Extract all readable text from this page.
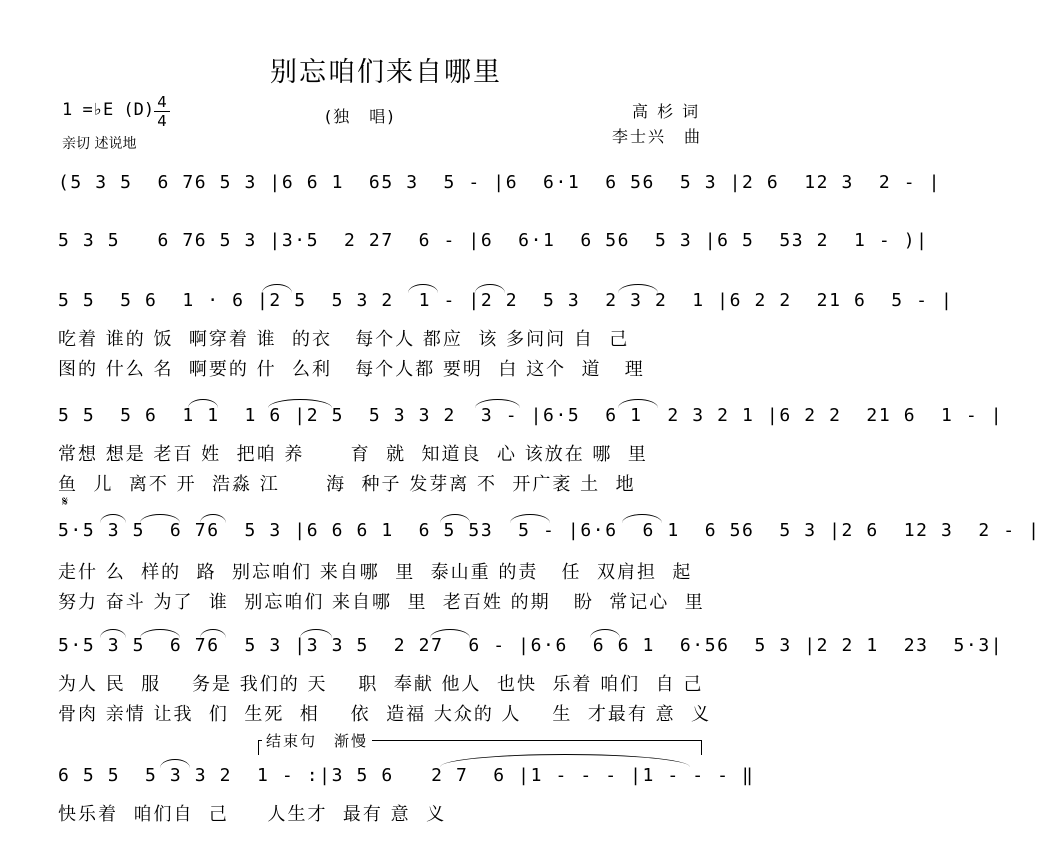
别忘咱们来自哪里
1 =♭E (D) 4
4
亲切 述说地
(独　唱)	高 杉 词
李士兴　曲
(5 3 5  6 76 5 3 |6 6 1  65 3  5 - |6  6·1  6 56  5 3 |2 6  12 3  2 - |
5 3 5   6 76 5 3 |3·5  2 27  6 - |6  6·1  6 56  5 3 |6 5  53 2  1 - )|
5 5  5 6  1 · 6 |2 5  5 3 2  1 - |2 2  5 3  2 3 2  1 |6 2 2  21 6  5 - |
吃着 谁的 饭  啊穿着 谁  的衣   每个人 都应  该 多问问 自  己
图的 什么 名  啊要的 什  么利   每个人都 要明  白 这个  道   理
5 5  5 6  1 1  1 6 |2 5  5 3 3 2  3 - |6·5  6 1  2 3 2 1 |6 2 2  21 6  1 - |
常想 想是 老百 姓  把咱 养      育  就  知道良  心 该放在 哪  里
鱼  儿  离不 开  浩淼 江      海  种子 发芽离 不  开广袤 土  地
𝄋
5·5 3 5  6 76  5 3 |6 6 6 1  6 5 53  5 - |6·6  6 1  6 56  5 3 |2 6  12 3  2 - |
走什 么  样的  路  别忘咱们 来自哪  里  泰山重 的责   任  双肩担  起
努力 奋斗 为了  谁  别忘咱们 来自哪  里  老百姓 的期   盼  常记心  里
5·5 3 5  6 76  5 3 |3 3 5  2 27  6 - |6·6  6 6 1  6·56  5 3 |2 2 1  23  5·3|
为人 民  服    务是 我们的 天    职  奉献 他人  也快  乐着 咱们  自 己
骨肉 亲情 让我  们  生死  相    依  造福 大众的 人    生  才最有 意  义
结束句　渐慢
6 5 5  5 3 3 2  1 - :|3 5 6   2 7  6 |1 - - - |1 - - - ‖
快乐着  咱们自  己     人生才  最有 意  义
